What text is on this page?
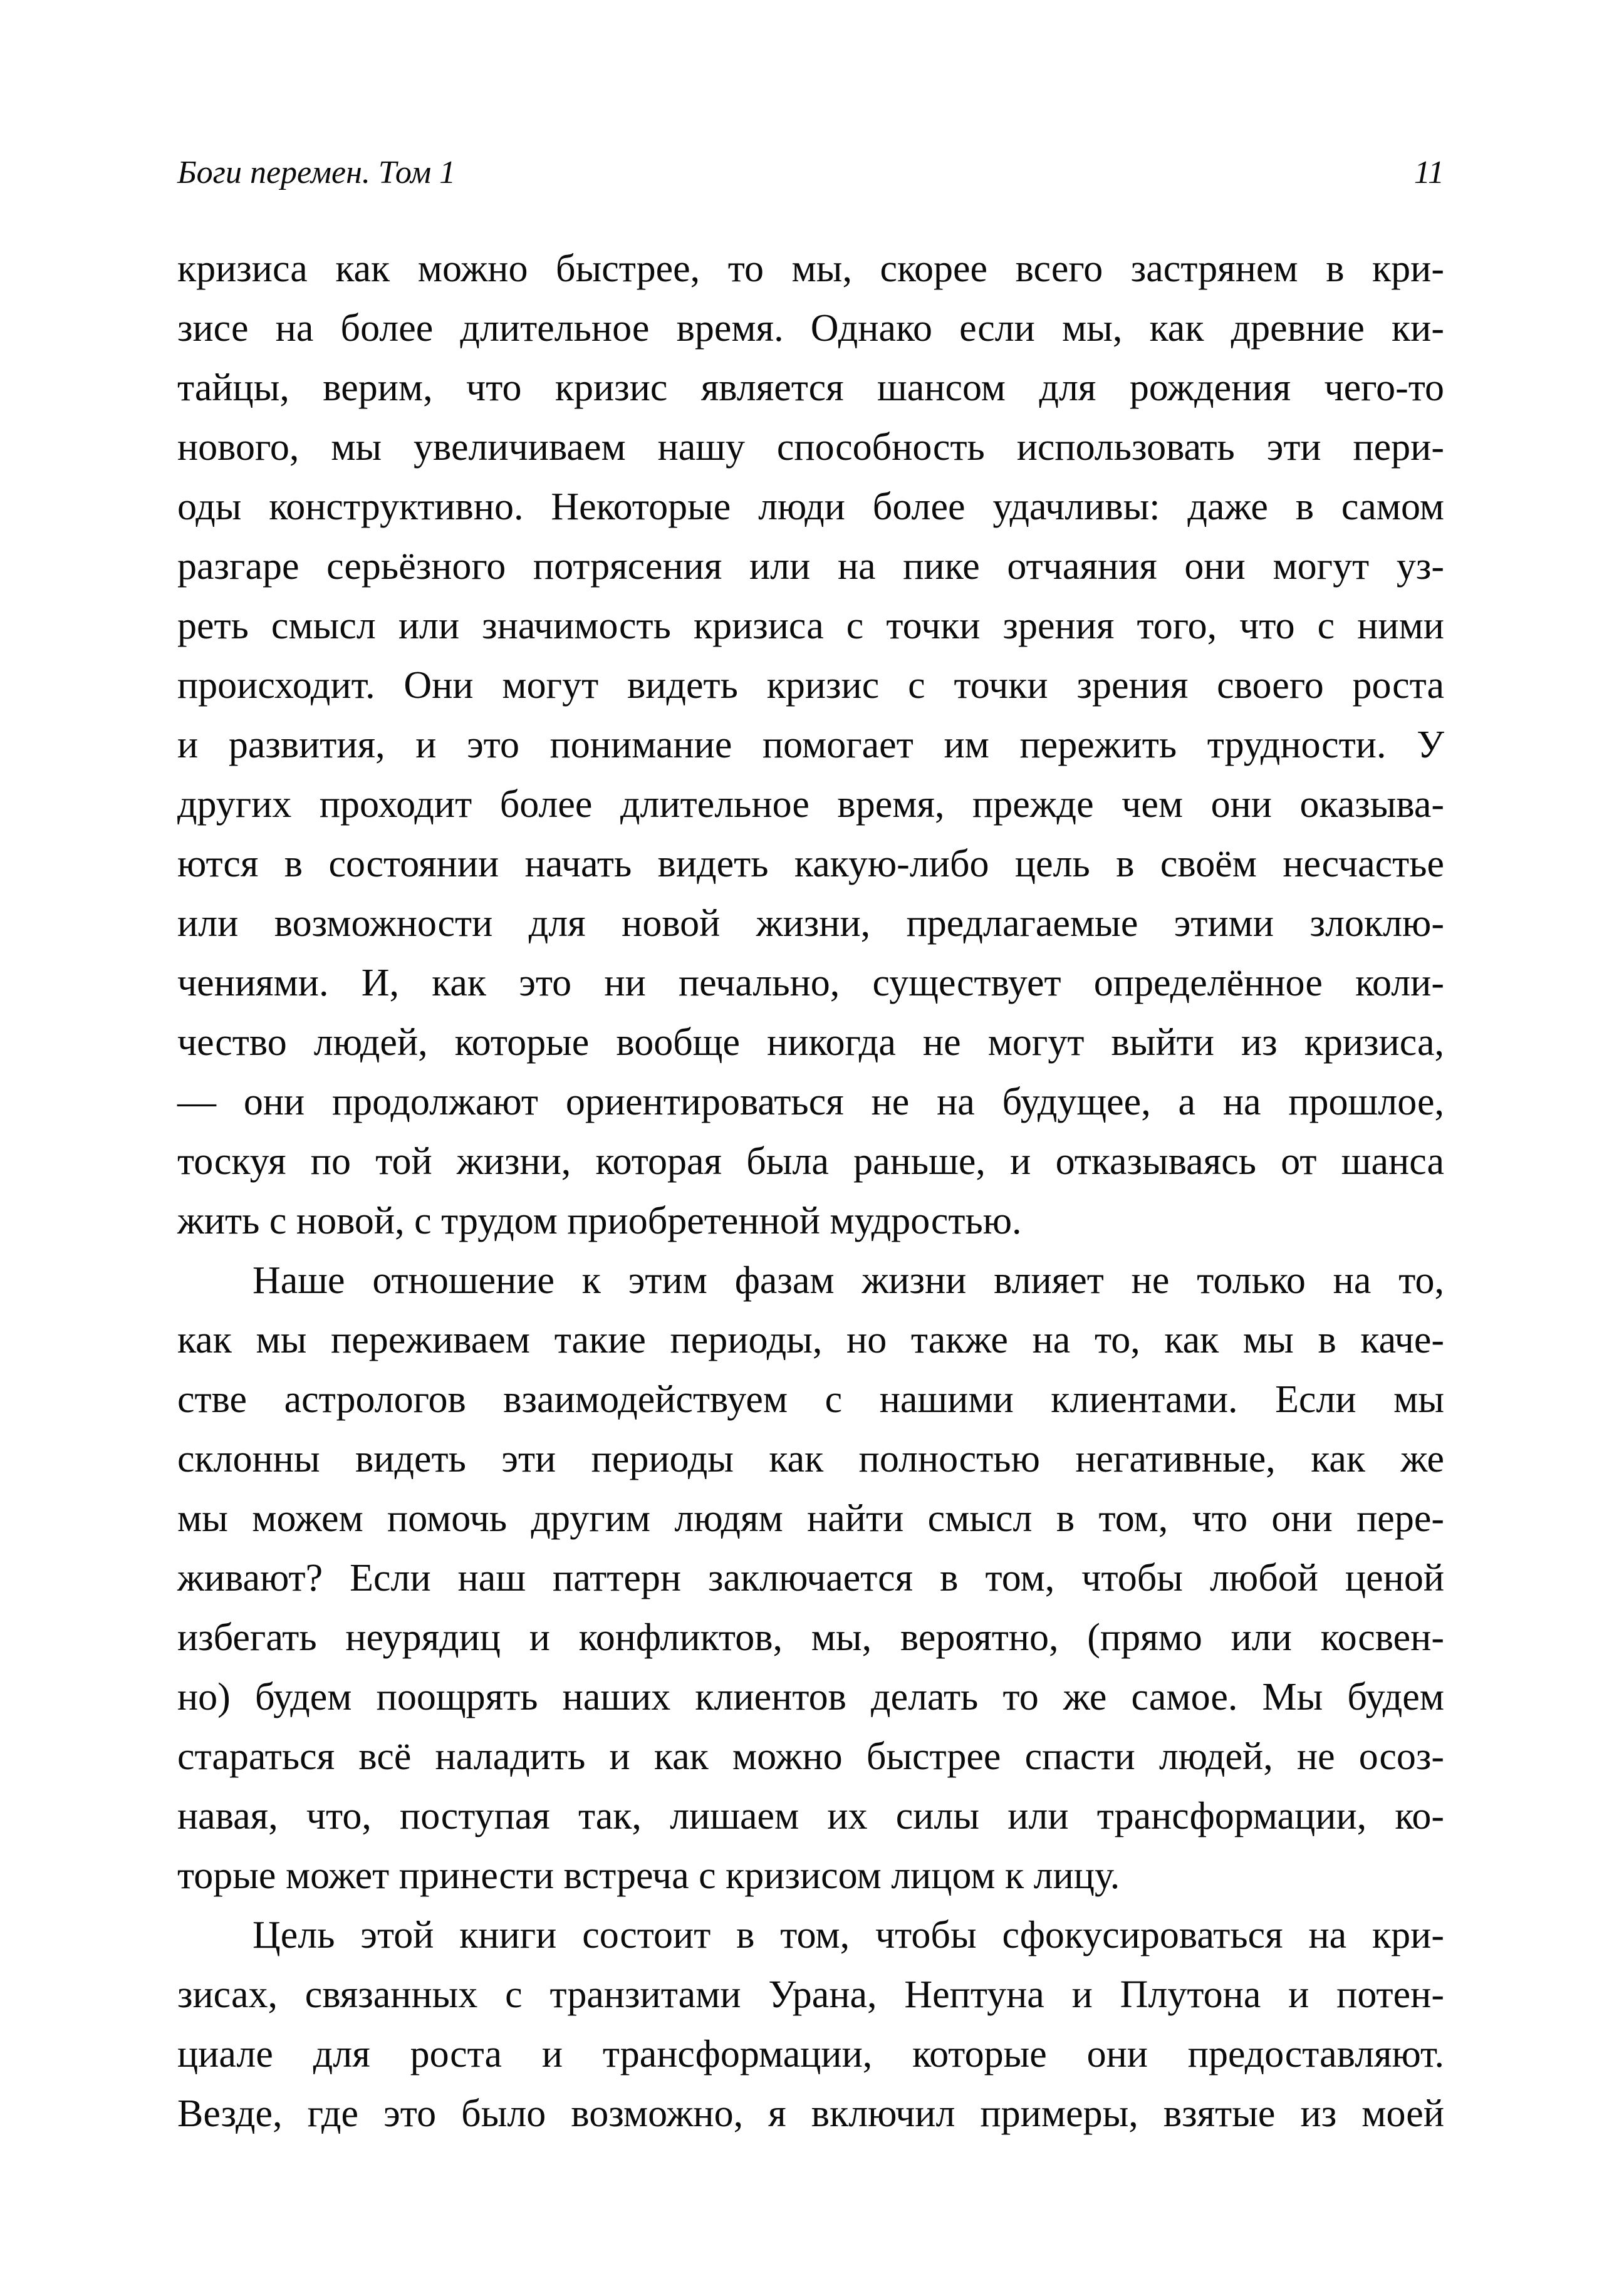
Боги перемен. Том 1	11
кризиса как можно быстрее, то мы, скорее всего застрянем в кри-
зисе на более длительное время. Однако если мы, как древние ки-
тайцы, верим, что кризис является шансом для рождения чего-то
нового, мы увеличиваем нашу способность использовать эти пери-
оды конструктивно. Некоторые люди более удачливы: даже в самом
разгаре серьёзного потрясения или на пике отчаяния они могут уз-
реть смысл или значимость кризиса с точки зрения того, что с ними
происходит. Они могут видеть кризис с точки зрения своего роста
и развития, и это понимание помогает им пережить трудности. У
других проходит более длительное время, прежде чем они оказыва-
ются в состоянии начать видеть какую-либо цель в своём несчастье
или возможности для новой жизни, предлагаемые этими злоклю-
чениями. И, как это ни печально, существует определённое коли-
чество людей, которые вообще никогда не могут выйти из кризиса,
— они продолжают ориентироваться не на будущее, а на прошлое,
тоскуя по той жизни, которая была раньше, и отказываясь от шанса
жить с новой, с трудом приобретенной мудростью.
Наше отношение к этим фазам жизни влияет не только на то,
как мы переживаем такие периоды, но также на то, как мы в каче-
стве астрологов взаимодействуем с нашими клиентами. Если мы
склонны видеть эти периоды как полностью негативные, как же
мы можем помочь другим людям найти смысл в том, что они пере-
живают? Если наш паттерн заключается в том, чтобы любой ценой
избегать неурядиц и конфликтов, мы, вероятно, (прямо или косвен-
но) будем поощрять наших клиентов делать то же самое. Мы будем
стараться всё наладить и как можно быстрее спасти людей, не осоз-
навая, что, поступая так, лишаем их силы или трансформации, ко-
торые может принести встреча с кризисом лицом к лицу.
Цель этой книги состоит в том, чтобы сфокусироваться на кри-
зисах, связанных с транзитами Урана, Нептуна и Плутона и потен-
циале для роста и трансформации, которые они предоставляют.
Везде, где это было возможно, я включил примеры, взятые из моей
